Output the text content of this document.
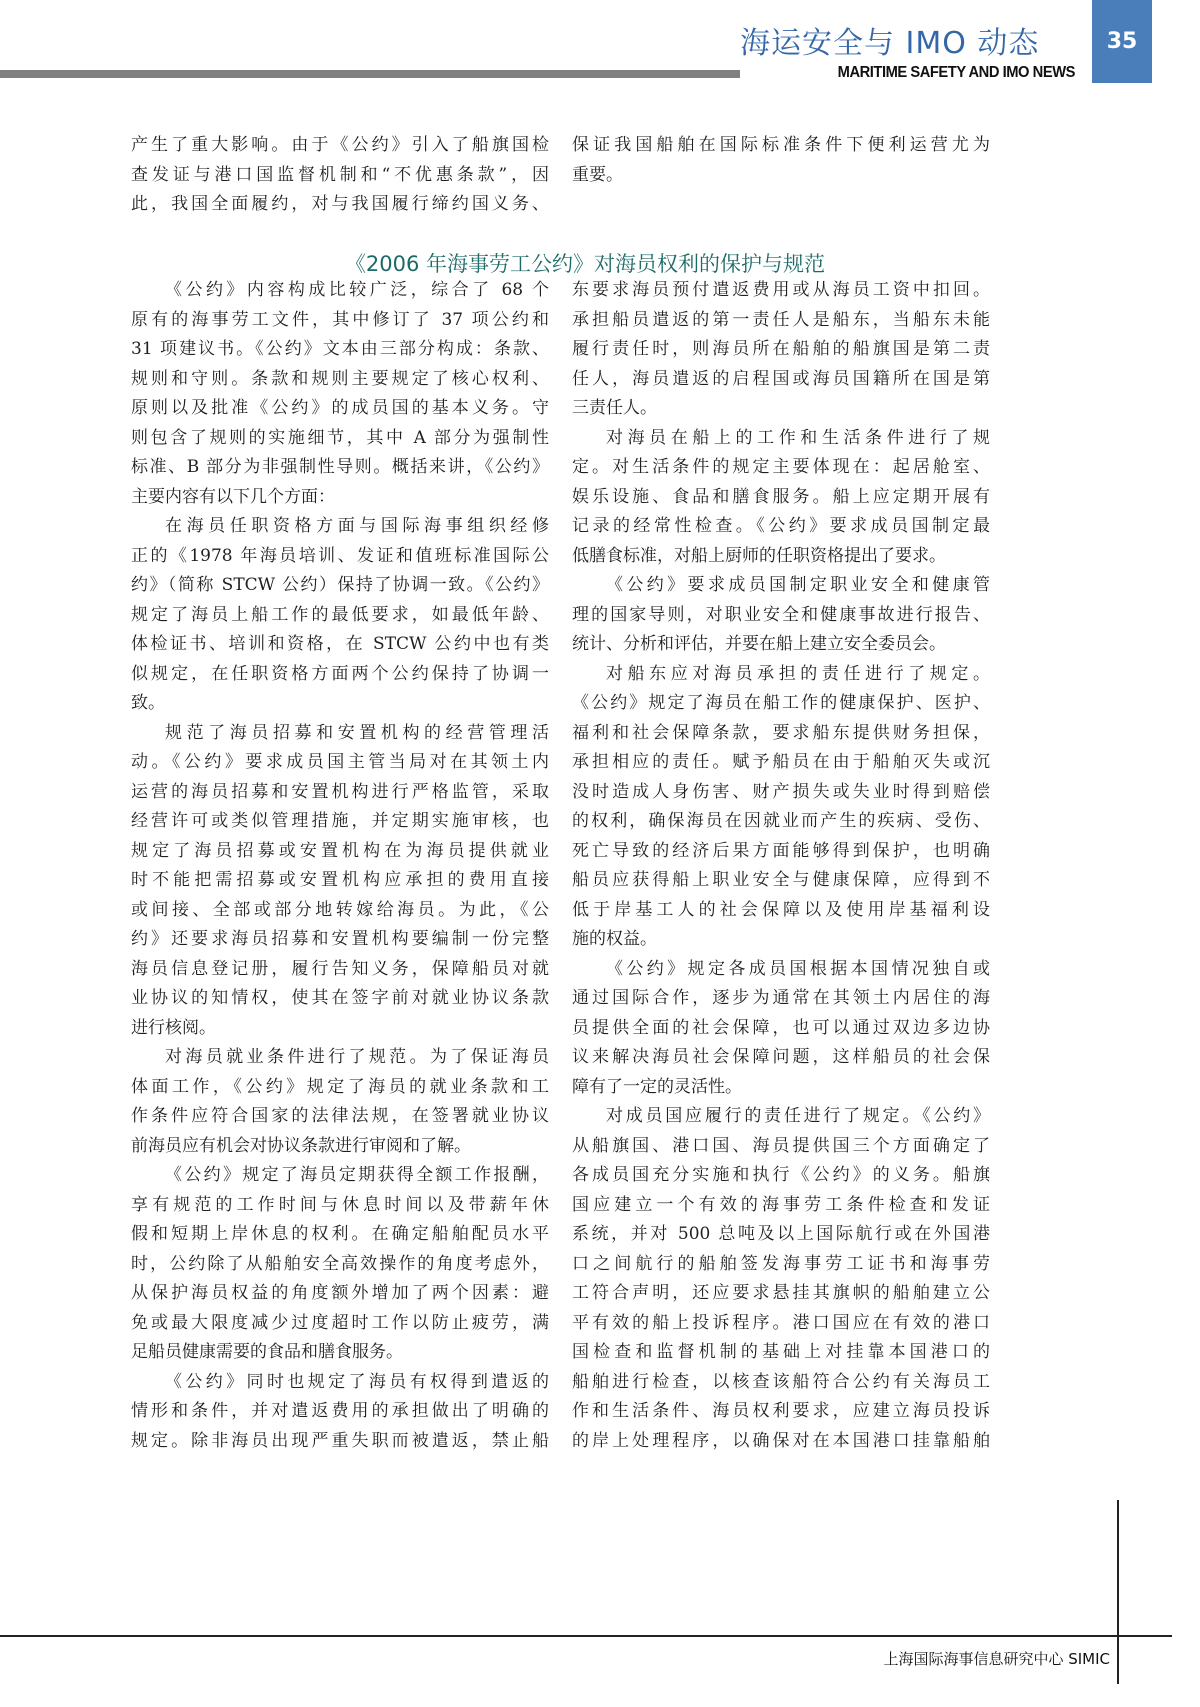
海运安全与 IMO 动态
MARITIME SAFETY AND IMO NEWS
35

产生了重大影响。由于《公约》引入了船旗国检
查发证与港口国监督机制和“不优惠条款”，因
此，我国全面履约，对与我国履行缔约国义务、

保证我国船舶在国际标准条件下便利运营尤为
重要。

《2006 年海事劳工公约》对海员权利的保护与规范

《公约》内容构成比较广泛，综合了 68 个
原有的海事劳工文件，其中修订了 37 项公约和
31 项建议书。《公约》文本由三部分构成：条款、
规则和守则。条款和规则主要规定了核心权利、
原则以及批准《公约》的成员国的基本义务。守
则包含了规则的实施细节，其中 A 部分为强制性
标准、B 部分为非强制性导则。概括来讲，《公约》
主要内容有以下几个方面：

在海员任职资格方面与国际海事组织经修
正的《1978 年海员培训、发证和值班标准国际公
约》（简称 STCW 公约）保持了协调一致。《公约》
规定了海员上船工作的最低要求，如最低年龄、
体检证书、培训和资格，在 STCW 公约中也有类
似规定，在任职资格方面两个公约保持了协调一
致。

规范了海员招募和安置机构的经营管理活
动。《公约》要求成员国主管当局对在其领土内
运营的海员招募和安置机构进行严格监管，采取
经营许可或类似管理措施，并定期实施审核，也
规定了海员招募或安置机构在为海员提供就业
时不能把需招募或安置机构应承担的费用直接
或间接、全部或部分地转嫁给海员。为此，《公
约》还要求海员招募和安置机构要编制一份完整
海员信息登记册，履行告知义务，保障船员对就
业协议的知情权，使其在签字前对就业协议条款
进行核阅。

对海员就业条件进行了规范。为了保证海员
体面工作，《公约》规定了海员的就业条款和工
作条件应符合国家的法律法规，在签署就业协议
前海员应有机会对协议条款进行审阅和了解。

《公约》规定了海员定期获得全额工作报酬，
享有规范的工作时间与休息时间以及带薪年休
假和短期上岸休息的权利。在确定船舶配员水平
时，公约除了从船舶安全高效操作的角度考虑外，
从保护海员权益的角度额外增加了两个因素：避
免或最大限度减少过度超时工作以防止疲劳，满
足船员健康需要的食品和膳食服务。

《公约》同时也规定了海员有权得到遣返的
情形和条件，并对遣返费用的承担做出了明确的
规定。除非海员出现严重失职而被遣返，禁止船

东要求海员预付遣返费用或从海员工资中扣回。
承担船员遣返的第一责任人是船东，当船东未能
履行责任时，则海员所在船舶的船旗国是第二责
任人，海员遣返的启程国或海员国籍所在国是第
三责任人。

对海员在船上的工作和生活条件进行了规
定。对生活条件的规定主要体现在：起居舱室、
娱乐设施、食品和膳食服务。船上应定期开展有
记录的经常性检查。《公约》要求成员国制定最
低膳食标准，对船上厨师的任职资格提出了要求。

《公约》要求成员国制定职业安全和健康管
理的国家导则，对职业安全和健康事故进行报告、
统计、分析和评估，并要在船上建立安全委员会。

对船东应对海员承担的责任进行了规定。
《公约》规定了海员在船工作的健康保护、医护、
福利和社会保障条款，要求船东提供财务担保，
承担相应的责任。赋予船员在由于船舶灭失或沉
没时造成人身伤害、财产损失或失业时得到赔偿
的权利，确保海员在因就业而产生的疾病、受伤、
死亡导致的经济后果方面能够得到保护，也明确
船员应获得船上职业安全与健康保障，应得到不
低于岸基工人的社会保障以及使用岸基福利设
施的权益。

《公约》规定各成员国根据本国情况独自或
通过国际合作，逐步为通常在其领土内居住的海
员提供全面的社会保障，也可以通过双边多边协
议来解决海员社会保障问题，这样船员的社会保
障有了一定的灵活性。

对成员国应履行的责任进行了规定。《公约》
从船旗国、港口国、海员提供国三个方面确定了
各成员国充分实施和执行《公约》的义务。船旗
国应建立一个有效的海事劳工条件检查和发证
系统，并对 500 总吨及以上国际航行或在外国港
口之间航行的船舶签发海事劳工证书和海事劳
工符合声明，还应要求悬挂其旗帜的船舶建立公
平有效的船上投诉程序。港口国应在有效的港口
国检查和监督机制的基础上对挂靠本国港口的
船舶进行检查，以核查该船符合公约有关海员工
作和生活条件、海员权利要求，应建立海员投诉
的岸上处理程序，以确保对在本国港口挂靠船舶

上海国际海事信息研究中心 SIMIC
